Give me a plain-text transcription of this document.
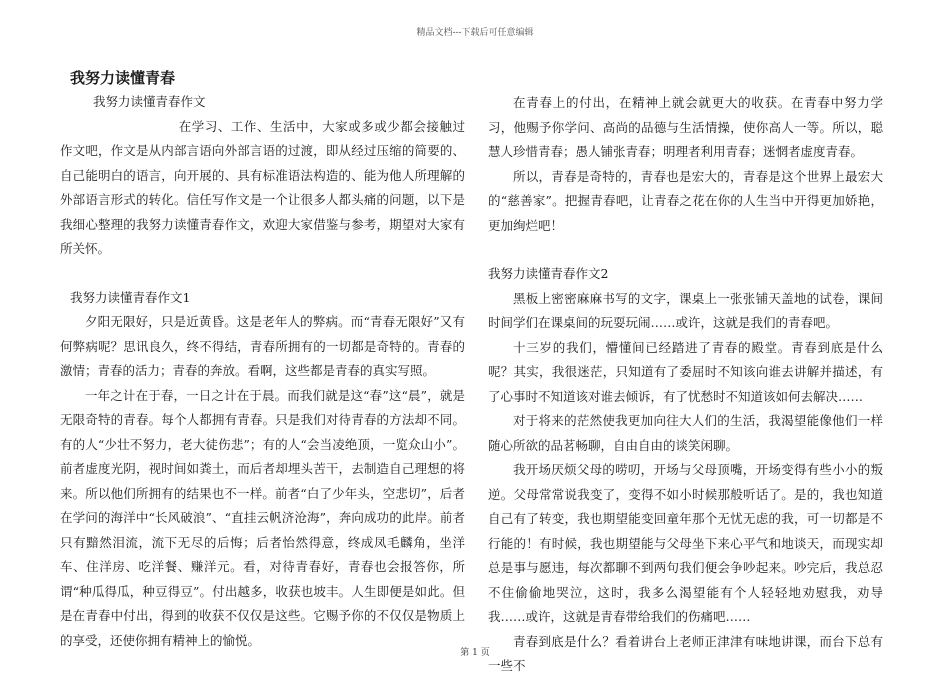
精品文档---下载后可任意编辑
我努力读懂青春
我努力读懂青春作文

在学习、工作、生活中，大家或多或少都会接触过作文吧，作文是从内部言语向外部言语的过渡，即从经过压缩的简要的、自己能明白的语言，向开展的、具有标准语法构造的、能为他人所理解的外部语言形式的转化。信任写作文是一个让很多人都头痛的问题，以下是我细心整理的我努力读懂青春作文，欢迎大家借鉴与参考，期望对大家有所关怀。

我努力读懂青春作文1

夕阳无限好，只是近黄昏。这是老年人的弊病。而“青春无限好”又有何弊病呢？思讯良久，终不得结，青春所拥有的一切都是奇特的。青春的激情；青春的活力；青春的奔放。看啊，这些都是青春的真实写照。

一年之计在于春，一日之计在于晨。而我们就是这“春”这“晨”，就是无限奇特的青春。每个人都拥有青春。只是我们对待青春的方法却不同。有的人“少壮不努力，老大徒伤悲”；有的人“会当凌绝顶，一览众山小”。前者虚度光阴，视时间如粪土，而后者却埋头苦干，去制造自己理想的将来。所以他们所拥有的结果也不一样。前者“白了少年头，空悲切”，后者在学问的海洋中“长风破浪”、“直挂云帆济沧海”，奔向成功的此岸。前者只有黯然泪流，流下无尽的后悔；后者怡然得意，终成凤毛麟角，坐洋车、住洋房、吃洋餐、赚洋元。看，对待青春好，青春也会报答你，所谓“种瓜得瓜，种豆得豆”。付出越多，收获也坡丰。人生即便是如此。但是在青春中付出，得到的收获不仅仅是这些。它赐予你的不仅仅是物质上的享受，还使你拥有精神上的愉悦。

在青春上的付出，在精神上就会就更大的收获。在青春中努力学习，他赐予你学问、高尚的品德与生活情操，使你高人一等。所以，聪慧人珍惜青春；愚人铺张青春；明理者利用青春；迷惘者虚度青春。

所以，青春是奇特的，青春也是宏大的，青春是这个世界上最宏大的“慈善家”。把握青春吧，让青春之花在你的人生当中开得更加娇艳，更加绚烂吧！

我努力读懂青春作文2

黑板上密密麻麻书写的文字，课桌上一张张铺天盖地的试卷，课间时间学们在课桌间的玩耍玩闹……或许，这就是我们的青春吧。

十三岁的我们，懵懂间已经踏进了青春的殿堂。青春到底是什么呢？其实，我很迷茫，只知道有了委屈时不知该向谁去讲解并描述，有了心事时不知道该对谁去倾诉，有了忧愁时不知道该如何去解决……

对于将来的茫然使我更加向往大人们的生活，我渴望能像他们一样随心所欲的品茗畅聊，自由自由的谈笑闲聊。

我开场厌烦父母的唠叨，开场与父母顶嘴，开场变得有些小小的叛逆。父母常常说我变了，变得不如小时候那般听话了。是的，我也知道自己有了转变，我也期望能变回童年那个无忧无虑的我，可一切都是不行能的！有时候，我也期望能与父母坐下来心平气和地谈天，而现实却总是事与愿违，每次都聊不到两句我们便会争吵起来。吵完后，我总忍不住偷偷地哭泣，这时，我多么渴望能有个人轻轻地劝慰我，劝导我……或许，这就是青春带给我们的伤痛吧……

青春到底是什么？看着讲台上老师正津津有味地讲课，而台下总有一些不

第 1 页
